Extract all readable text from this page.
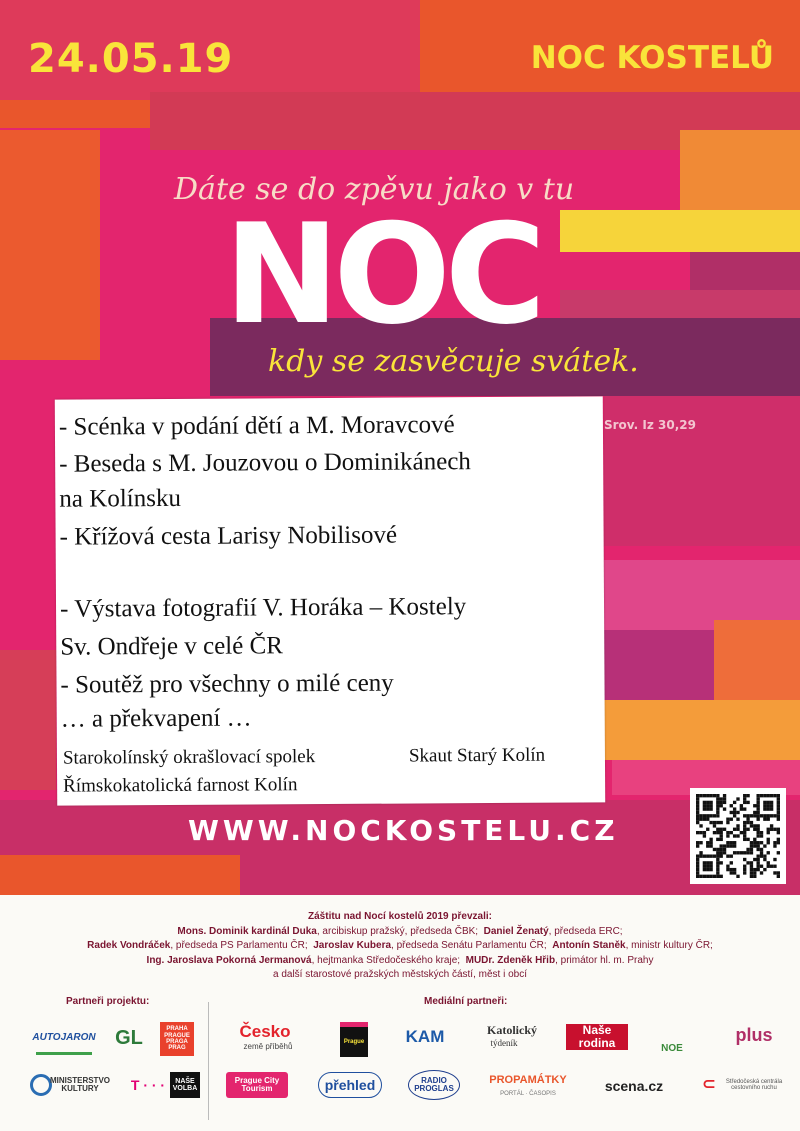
24.05.19	NOC KOSTELŮ
Dáte se do zpěvu jako v tu
NOC
kdy se zasvěcuje svátek.
Srov. Iz 30,29
- Scénka v podání dětí a M. Moravcové
- Beseda s M. Jouzovou o Dominikánech
na Kolínsku
- Křížová cesta Larisy Nobilisové
- Výstava fotografií V. Horáka – Kostely
Sv. Ondřeje v celé ČR
- Soutěž pro všechny o milé ceny
… a překvapení …
Starokolínský okrašlovací spolek	Skaut Starý Kolín
Římskokatolická farnost Kolín
WWW.NOCKOSTELU.CZ
Záštitu nad Nocí kostelů 2019 převzali:
Mons. Dominik kardinál Duka, arcibiskup pražský, předseda ČBK; Daniel Ženatý, předseda ERC;
Radek Vondráček, předseda PS Parlamentu ČR; Jaroslav Kubera, předseda Senátu Parlamentu ČR; Antonín Staněk, ministr kultury ČR;
Ing. Jaroslava Pokorná Jermanová, hejtmanka Středočeského kraje; MUDr. Zdeněk Hřib, primátor hl. m. Prahy
a další starostové pražských městských částí, měst i obcí
Partneři projektu:	Mediální partneři:
AUTOJARON GL	PRAHA PRAGUE PRAGA PRAG
Česko
země příběhů	Prague KAM	Katolický
týdeník
Naše rodina	NOE
plus
MINISTERSTVO KULTURY	T · · ·	NAŠE VOLBA
Prague City Tourism	přehled	RADIO PROGLAS
PROPAMÁTKY
PORTÁL · ČASOPIS
scena.cz	⊂	Středočeská centrála cestovního ruchu
